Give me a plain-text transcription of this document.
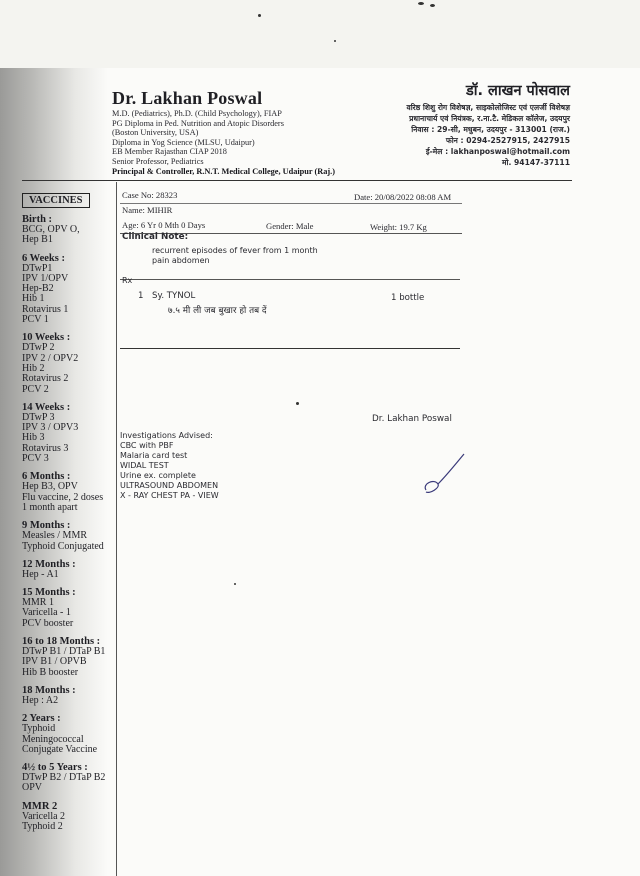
Dr. Lakhan Poswal

M.D. (Pediatrics), Ph.D. (Child Psychology), FIAP

PG Diploma in Ped. Nutrition and Atopic Disorders

(Boston University, USA)

Diploma in Yog Science (MLSU, Udaipur)

EB Member Rajasthan CIAP 2018

Senior Professor, Pediatrics

Principal & Controller, R.N.T. Medical College, Udaipur (Raj.)

डॉ. लाखन पोसवाल

वरिष्ठ शिशु रोग विशेषज्ञ, साइकोलोजिस्ट एवं एलर्जी विशेषज्ञ

प्रधानाचार्य एवं नियंत्रक, र.ना.टै. मेडिकल कॉलेज, उदयपुर

निवास : 29-सी, मधुबन, उदयपुर - 313001 (राज.)

फोन : 0294-2527915, 2427915

ई-मेल : lakhanposwal@hotmail.com

मो. 94147-37111

VACCINES

Birth :

BCG, OPV O,

Hep B1

6 Weeks :

DTwP1

IPV 1/OPV

Hep-B2

Hib 1

Rotavirus 1

PCV 1

10 Weeks :

DTwP 2

IPV 2 / OPV2

Hib 2

Rotavirus 2

PCV 2

14 Weeks :

DTwP 3

IPV 3 / OPV3

Hib 3

Rotavirus 3

PCV 3

6 Months :

Hep B3, OPV

Flu vaccine, 2 doses

1 month apart

9 Months :

Measles / MMR

Typhoid Conjugated

12 Months :

Hep - A1

15 Months :

MMR 1

Varicella - 1

PCV booster

16 to 18 Months :

DTwP B1 / DTaP B1

IPV B1 / OPVB

Hib B booster

18 Months :

Hep : A2

2 Years :

Typhoid

Meningococcal

Conjugate Vaccine

4½ to 5 Years :

DTwP B2 / DTaP B2

OPV

MMR 2

Varicella 2

Typhoid 2

Case No: 28323	Date: 20/08/2022 08:08 AM
Name: MIHIR
Age: 6 Yr 0 Mth 0 Days	Gender: Male	Weight: 19.7 Kg
Clinical Note:
recurrent episodes of fever from 1 month
pain abdomen
Rx
1 Sy. TYNOL	1 bottle
७.५ मी ली जब बुखार हो तब दें
Dr. Lakhan Poswal
Investigations Advised:
CBC with PBF
Malaria card test
WIDAL TEST
Urine ex. complete
ULTRASOUND ABDOMEN
X - RAY CHEST PA - VIEW
